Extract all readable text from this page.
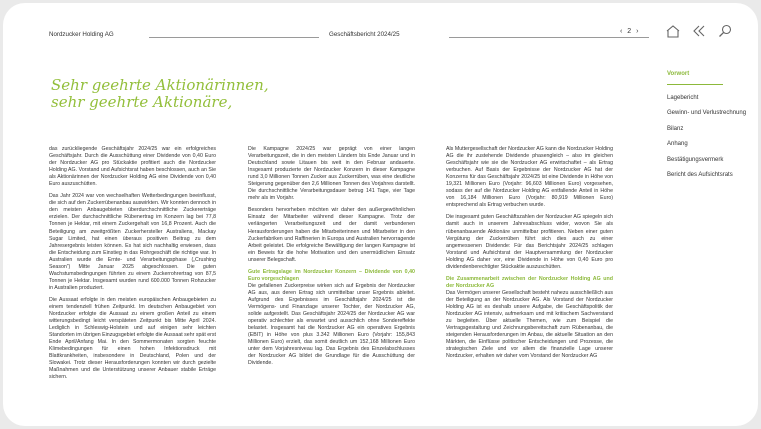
Nordzucker Holding AG	Geschäftsbericht 2024/25	‹ 2 ›
Sehr geehrte Aktionärinnen,
sehr geehrte Aktionäre,

das zurückliegende Geschäftsjahr 2024/25 war ein erfolgreiches Geschäftsjahr. Durch die Ausschüttung einer Dividende von 0,40 Euro der Nordzucker AG pro Stückaktie profitiert auch die Nordzucker Holding AG. Vorstand und Aufsichtsrat haben beschlossen, auch an Sie als Aktionärinnen der Nordzucker Holding AG eine Dividende von 0,40 Euro auszuschütten.

Das Jahr 2024 war von wechselhaften Wetterbedingungen beeinflusst, die sich auf den Zuckerrübenanbau auswirkten. Wir konnten dennoch in den meisten Anbaugebieten überdurchschnittliche Zuckererträge erzielen. Der durchschnittliche Rübenertrag im Konzern lag bei 77,8 Tonnen je Hektar, mit einem Zuckergehalt von 16,8 Prozent. Auch die Beteiligung am zweitgrößten Zuckerhersteller Australiens, Mackay Sugar Limited, hat einen überaus positiven Beitrag zu dem Jahresergebnis leisten können. Es hat sich nachhaltig erwiesen, dass die Entscheidung zum Einstieg in das Rohrgeschäft die richtige war. In Australien wurde die Ernte- und Verarbeitungsphase („Crushing Season“) Mitte Januar 2025 abgeschlossen. Die guten Wachstumsbedingungen führten zu einem Zuckerrohrertrag von 87,5 Tonnen je Hektar. Insgesamt wurden rund 600.000 Tonnen Rohzucker in Australien produziert.

Die Aussaat erfolgte in den meisten europäischen Anbaugebieten zu einem tendenziell frühen Zeitpunkt. Im deutschen Anbaugebiet von Nordzucker erfolgte die Aussaat zu einem großen Anteil zu einem witterungsbedingt leicht verspäteten Zeitpunkt bis Mitte April 2024. Lediglich in Schleswig-Holstein und auf einigen sehr leichten Standorten im übrigen Einzugsgebiet erfolgte die Aussaat sehr spät erst Ende April/Anfang Mai. In den Sommermonaten sorgten feuchte Klimebedingungen für einen hohen Infektionsdruck mit Blattkrankheiten, insbesondere in Deutschland, Polen und der Slowakei. Trotz dieser Herausforderungen konnten wir durch gezielte Maßnahmen und die Unterstützung unserer Anbauer stabile Erträge sichern.

Die Kampagne 2024/25 war geprägt von einer langen Verarbeitungszeit, die in den meisten Ländern bis Ende Januar und in Deutschland sowie Litauen bis weit in den Februar andauerte. Insgesamt produzierte der Nordzucker Konzern in dieser Kampagne rund 3,0 Millionen Tonnen Zucker aus Zuckerrüben, was eine deutliche Steigerung gegenüber den 2,6 Millionen Tonnen des Vorjahres darstellt. Die durchschnittliche Verarbeitungsdauer betrug 141 Tage, vier Tage mehr als im Vorjahr.

Besonders hervorheben möchten wir daher den außergewöhnlichen Einsatz der Mitarbeiter während dieser Kampagne. Trotz der verlängerten Verarbeitungszeit und der damit verbundenen Herausforderungen haben die Mitarbeiterinnen und Mitarbeiter in den Zuckerfabriken und Raffinerien in Europa und Australien hervorragende Arbeit geleistet. Die erfolgreiche Bewältigung der langen Kampagne ist ein Beweis für die hohe Motivation und den unermüdlichen Einsatz unserer Belegschaft.

Gute Ertragslage im Nordzucker Konzern – Dividende von 0,40 Euro vorgeschlagen

Die gefallenen Zuckerpreise wirken sich auf Ergebnis der Nordzucker AG aus, aus deren Ertrag sich unmittelbar unser Ergebnis ableitet. Aufgrund des Ergebnisses im Geschäftsjahr 2024/25 ist die Vermögens- und Finanzlage unserer Tochter, der Nordzucker AG, solide aufgestellt. Das Geschäftsjahr 2024/25 der Nordzucker AG war operativ schlechter als erwartet und ausschlich ohne Sondereffekte belastet. Insgesamt hat die Nordzucker AG ein operatives Ergebnis (EBIT) in Höhe von plus 3.342 Millionen Euro (Vorjahr: 155,843 Millionen Euro) erzielt, das somit deutlich um 152,168 Millionen Euro unter dem Vorjahresniveau lag. Das Ergebnis des Einzelabschlusses der Nordzucker AG bildet die Grundlage für die Ausschüttung der Dividende.

Als Muttergesellschaft der Nordzucker AG kann die Nordzucker Holding AG die ihr zustehende Dividende phasengleich – also im gleichen Geschäftsjahr wie sie die Nordzucker AG erwirtschaftet – als Ertrag verbuchen. Auf Basis der Ergebnisse der Nordzucker AG hat der Konzerns für das Geschäftsjahr 2024/25 ist eine Dividende in Höhe von 19,321 Millionen Euro (Vorjahr: 96,603 Millionen Euro) vorgesehen, sodass der auf die Nordzucker Holding AG entfallende Anteil in Höhe von 16,184 Millionen Euro (Vorjahr: 80,919 Millionen Euro) entsprechend als Ertrag verbuchen wurde.

Die insgesamt guten Geschäftszahlen der Nordzucker AG spiegeln sich damit auch in unserem Jahresabschluss wider, wovon Sie als rübenanbauende Aktionäre unmittelbar profitieren. Neben einer guten Vergütung der Zuckerrüben führt sich dies auch zu einer angemessenen Dividende: Für das Berichtsjahr 2024/25 schlagen Vorstand und Aufsichtsrat der Hauptversammlung der Nordzucker Holding AG daher vor, eine Dividende in Höhe von 0,40 Euro pro dividendenberechtigter Stückaktie auszuschütten.

Die Zusammenarbeit zwischen der Nordzucker Holding AG und der Nordzucker AG

Das Vermögen unserer Gesellschaft besteht nahezu ausschließlich aus der Beteiligung an der Nordzucker AG. Als Vorstand der Nordzucker Holding AG ist es deshalb unsere Aufgabe, die Geschäftspolitik der Nordzucker AG intensiv, aufmerksam und mit kritischem Sachverstand zu begleiten. Über aktuelle Themen, wie zum Beispiel die Vertragsgestaltung und Zeichnungsbereitschaft zum Rübenanbau, die steigenden Herausforderungen im Anbau, die aktuelle Situation an den Märkten, die Einflüsse politischer Entscheidungen und Prozesse, die strategischen Ziele und vor allem die finanzielle Lage unserer Nordzucker, erhalten wir daher vom Vorstand der Nordzucker AG

Vorwort
Lagebericht
Gewinn- und Verlustrechnung
Bilanz
Anhang
Bestätigungsvermerk
Bericht des Aufsichtsrats
